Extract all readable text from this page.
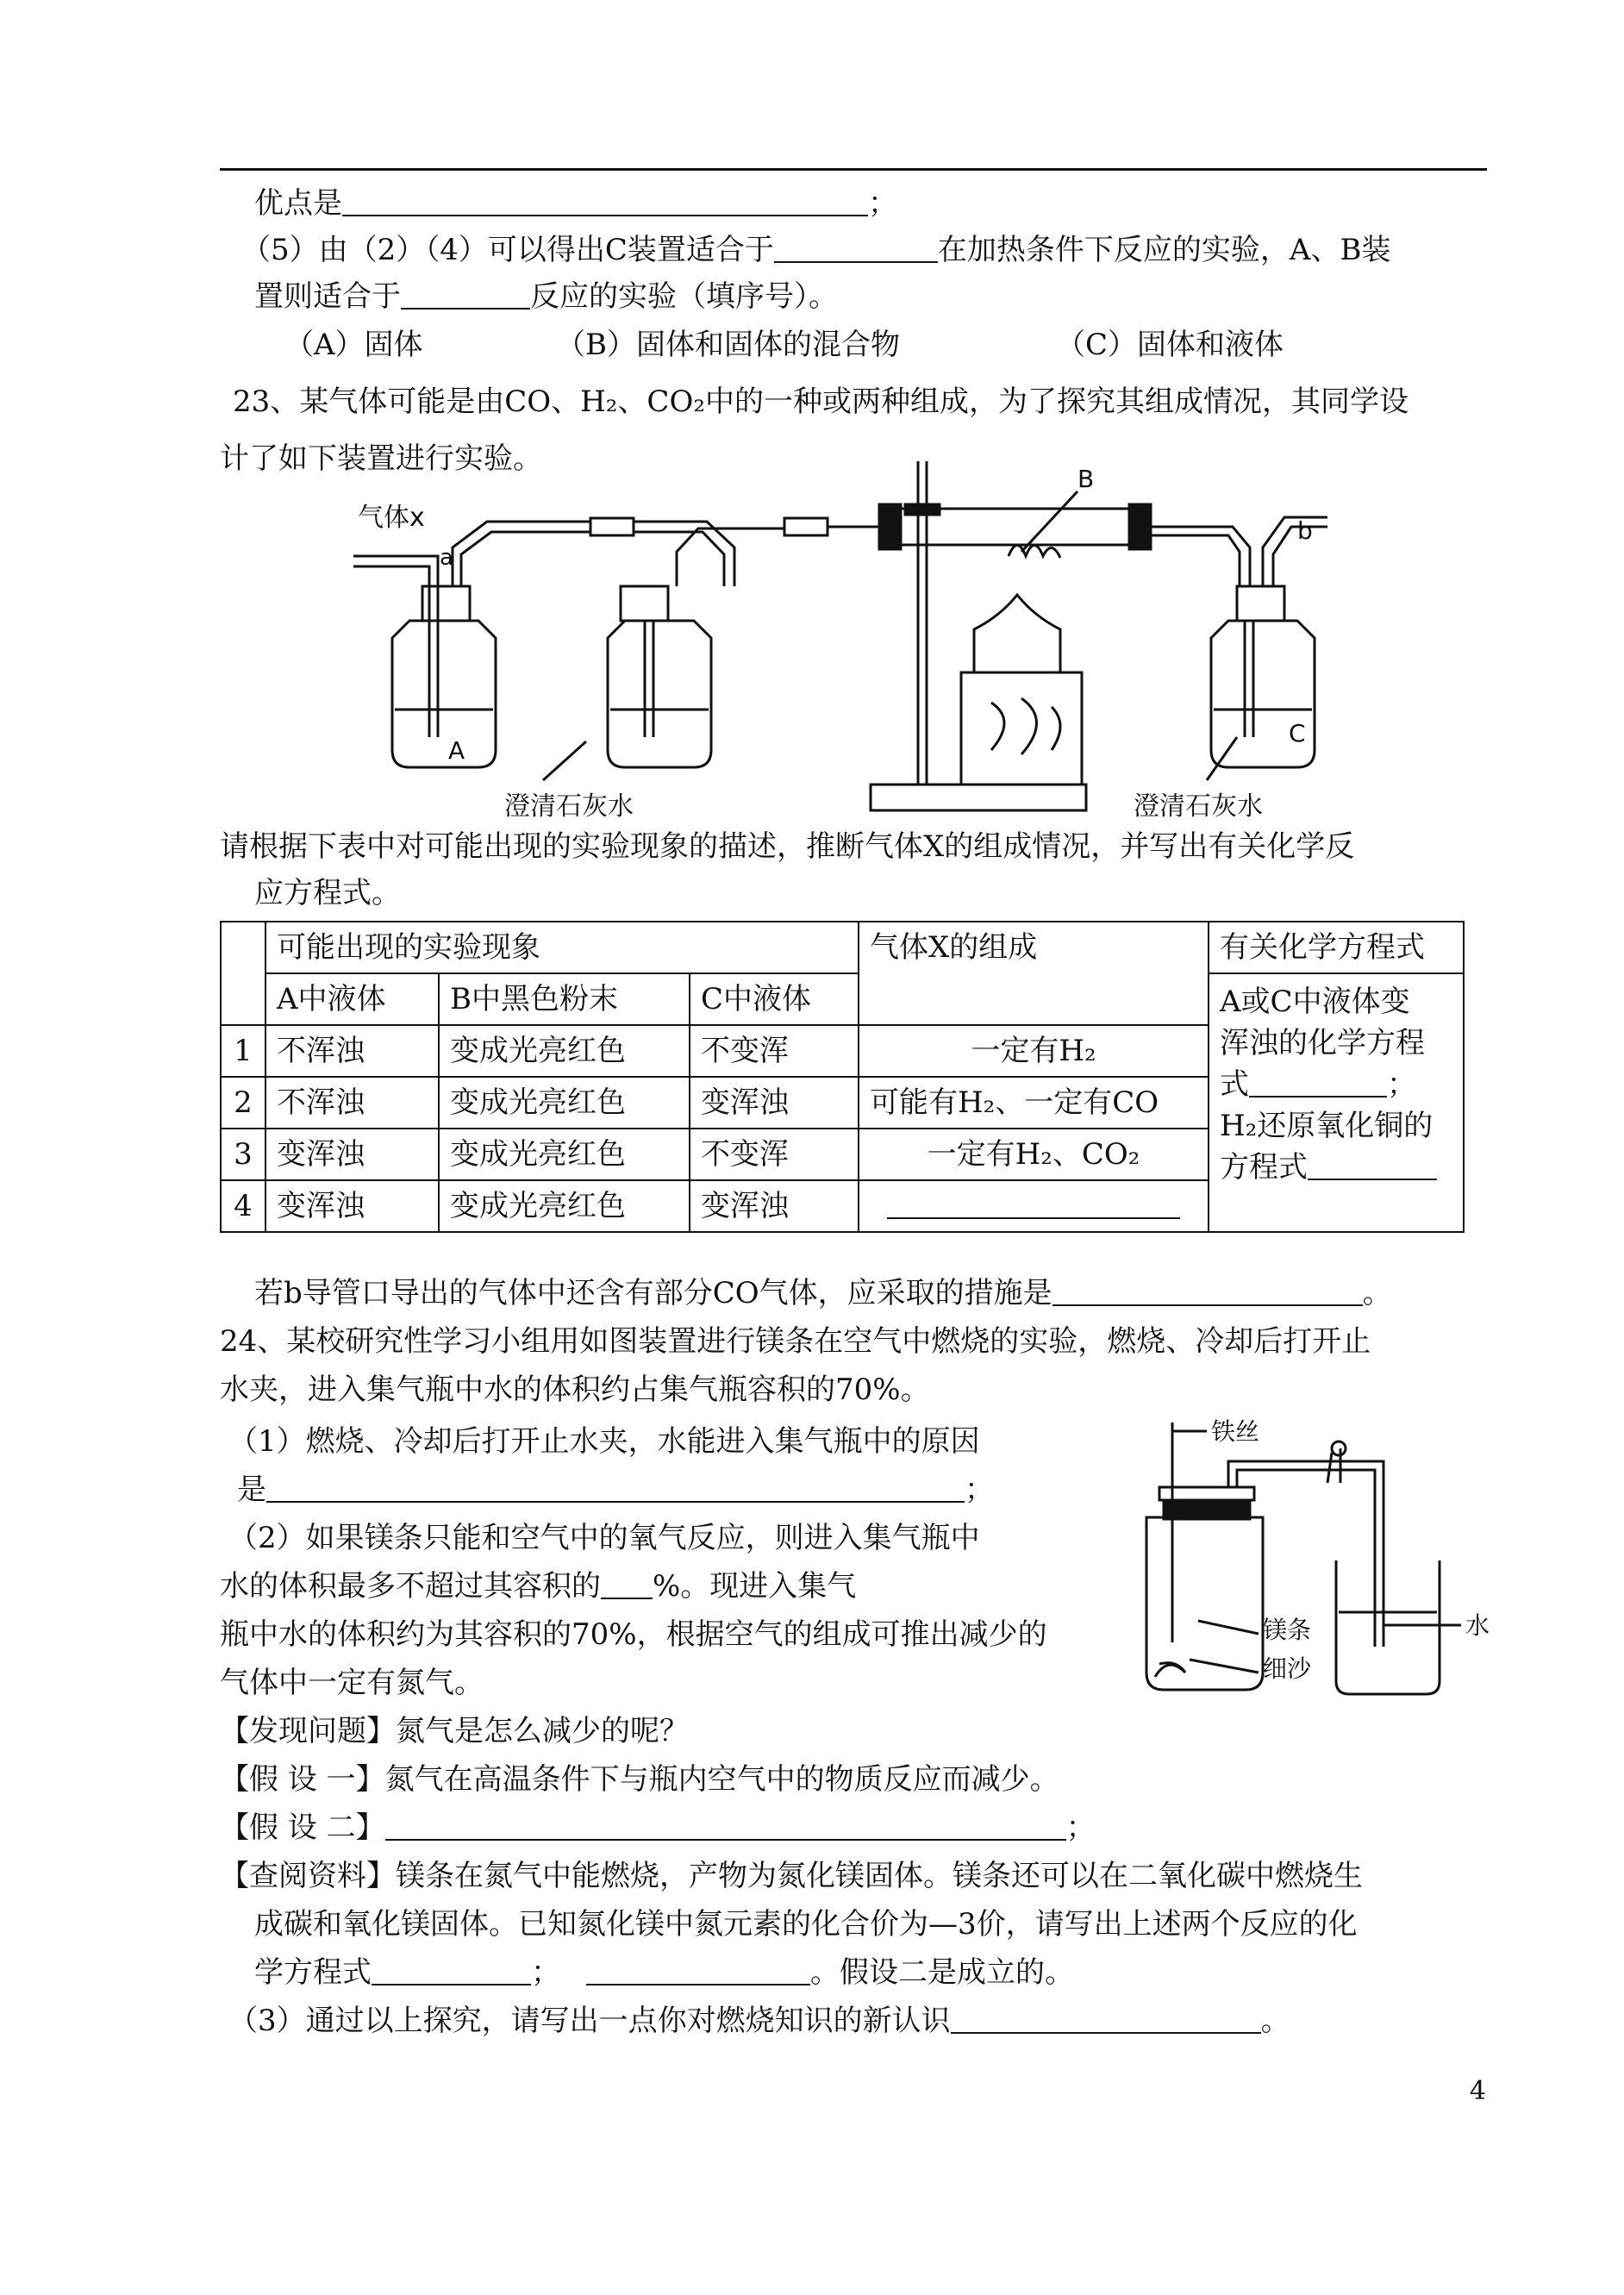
优点是	；
（5）由（2）（4）可以得出C装置适合于	在加热条件下反应的实验，A、B装
置则适合于	反应的实验（填序号）。
（A）固体	（B）固体和固体的混合物	（C）固体和液体
23、某气体可能是由CO、H₂、CO₂中的一种或两种组成，为了探究其组成情况，其同学设
计了如下装置进行实验。
气体x
a
b
B
A
C
澄清石灰水	澄清石灰水
请根据下表中对可能出现的实验现象的描述，推断气体X的组成情况，并写出有关化学反
应方程式。
	可能出现的实验现象			气体X的组成	有关化学方程式
	A中液体	B中黑色粉末	C中液体		A或C中液体变
浑浊的化学方程
式 ；
H₂还原氧化铜的
方程式

1	不浑浊	变成光亮红色	不变浑	一定有H₂	
2	不浑浊	变成光亮红色	变浑浊	可能有H₂、一定有CO	
3	变浑浊	变成光亮红色	不变浑	一定有H₂、CO₂	
4	变浑浊	变成光亮红色	变浑浊		
若b导管口导出的气体中还含有部分CO气体，应采取的措施是	。
24、某校研究性学习小组用如图装置进行镁条在空气中燃烧的实验，燃烧、冷却后打开止
水夹，进入集气瓶中水的体积约占集气瓶容积的70%。
（1）燃烧、冷却后打开止水夹，水能进入集气瓶中的原因
是	；
（2）如果镁条只能和空气中的氧气反应，则进入集气瓶中
水的体积最多不超过其容积的 %。现进入集气
瓶中水的体积约为其容积的70%，根据空气的组成可推出减少的
气体中一定有氮气。
铁丝
镁条
细沙
水
【发现问题】氮气是怎么减少的呢？
【假 设 一】氮气在高温条件下与瓶内空气中的物质反应而减少。
【假 设 二】	；
【查阅资料】镁条在氮气中能燃烧，产物为氮化镁固体。镁条还可以在二氧化碳中燃烧生
成碳和氧化镁固体。已知氮化镁中氮元素的化合价为—3价，请写出上述两个反应的化
学方程式	；	。假设二是成立的。
（3）通过以上探究，请写出一点你对燃烧知识的新认识	。
4
